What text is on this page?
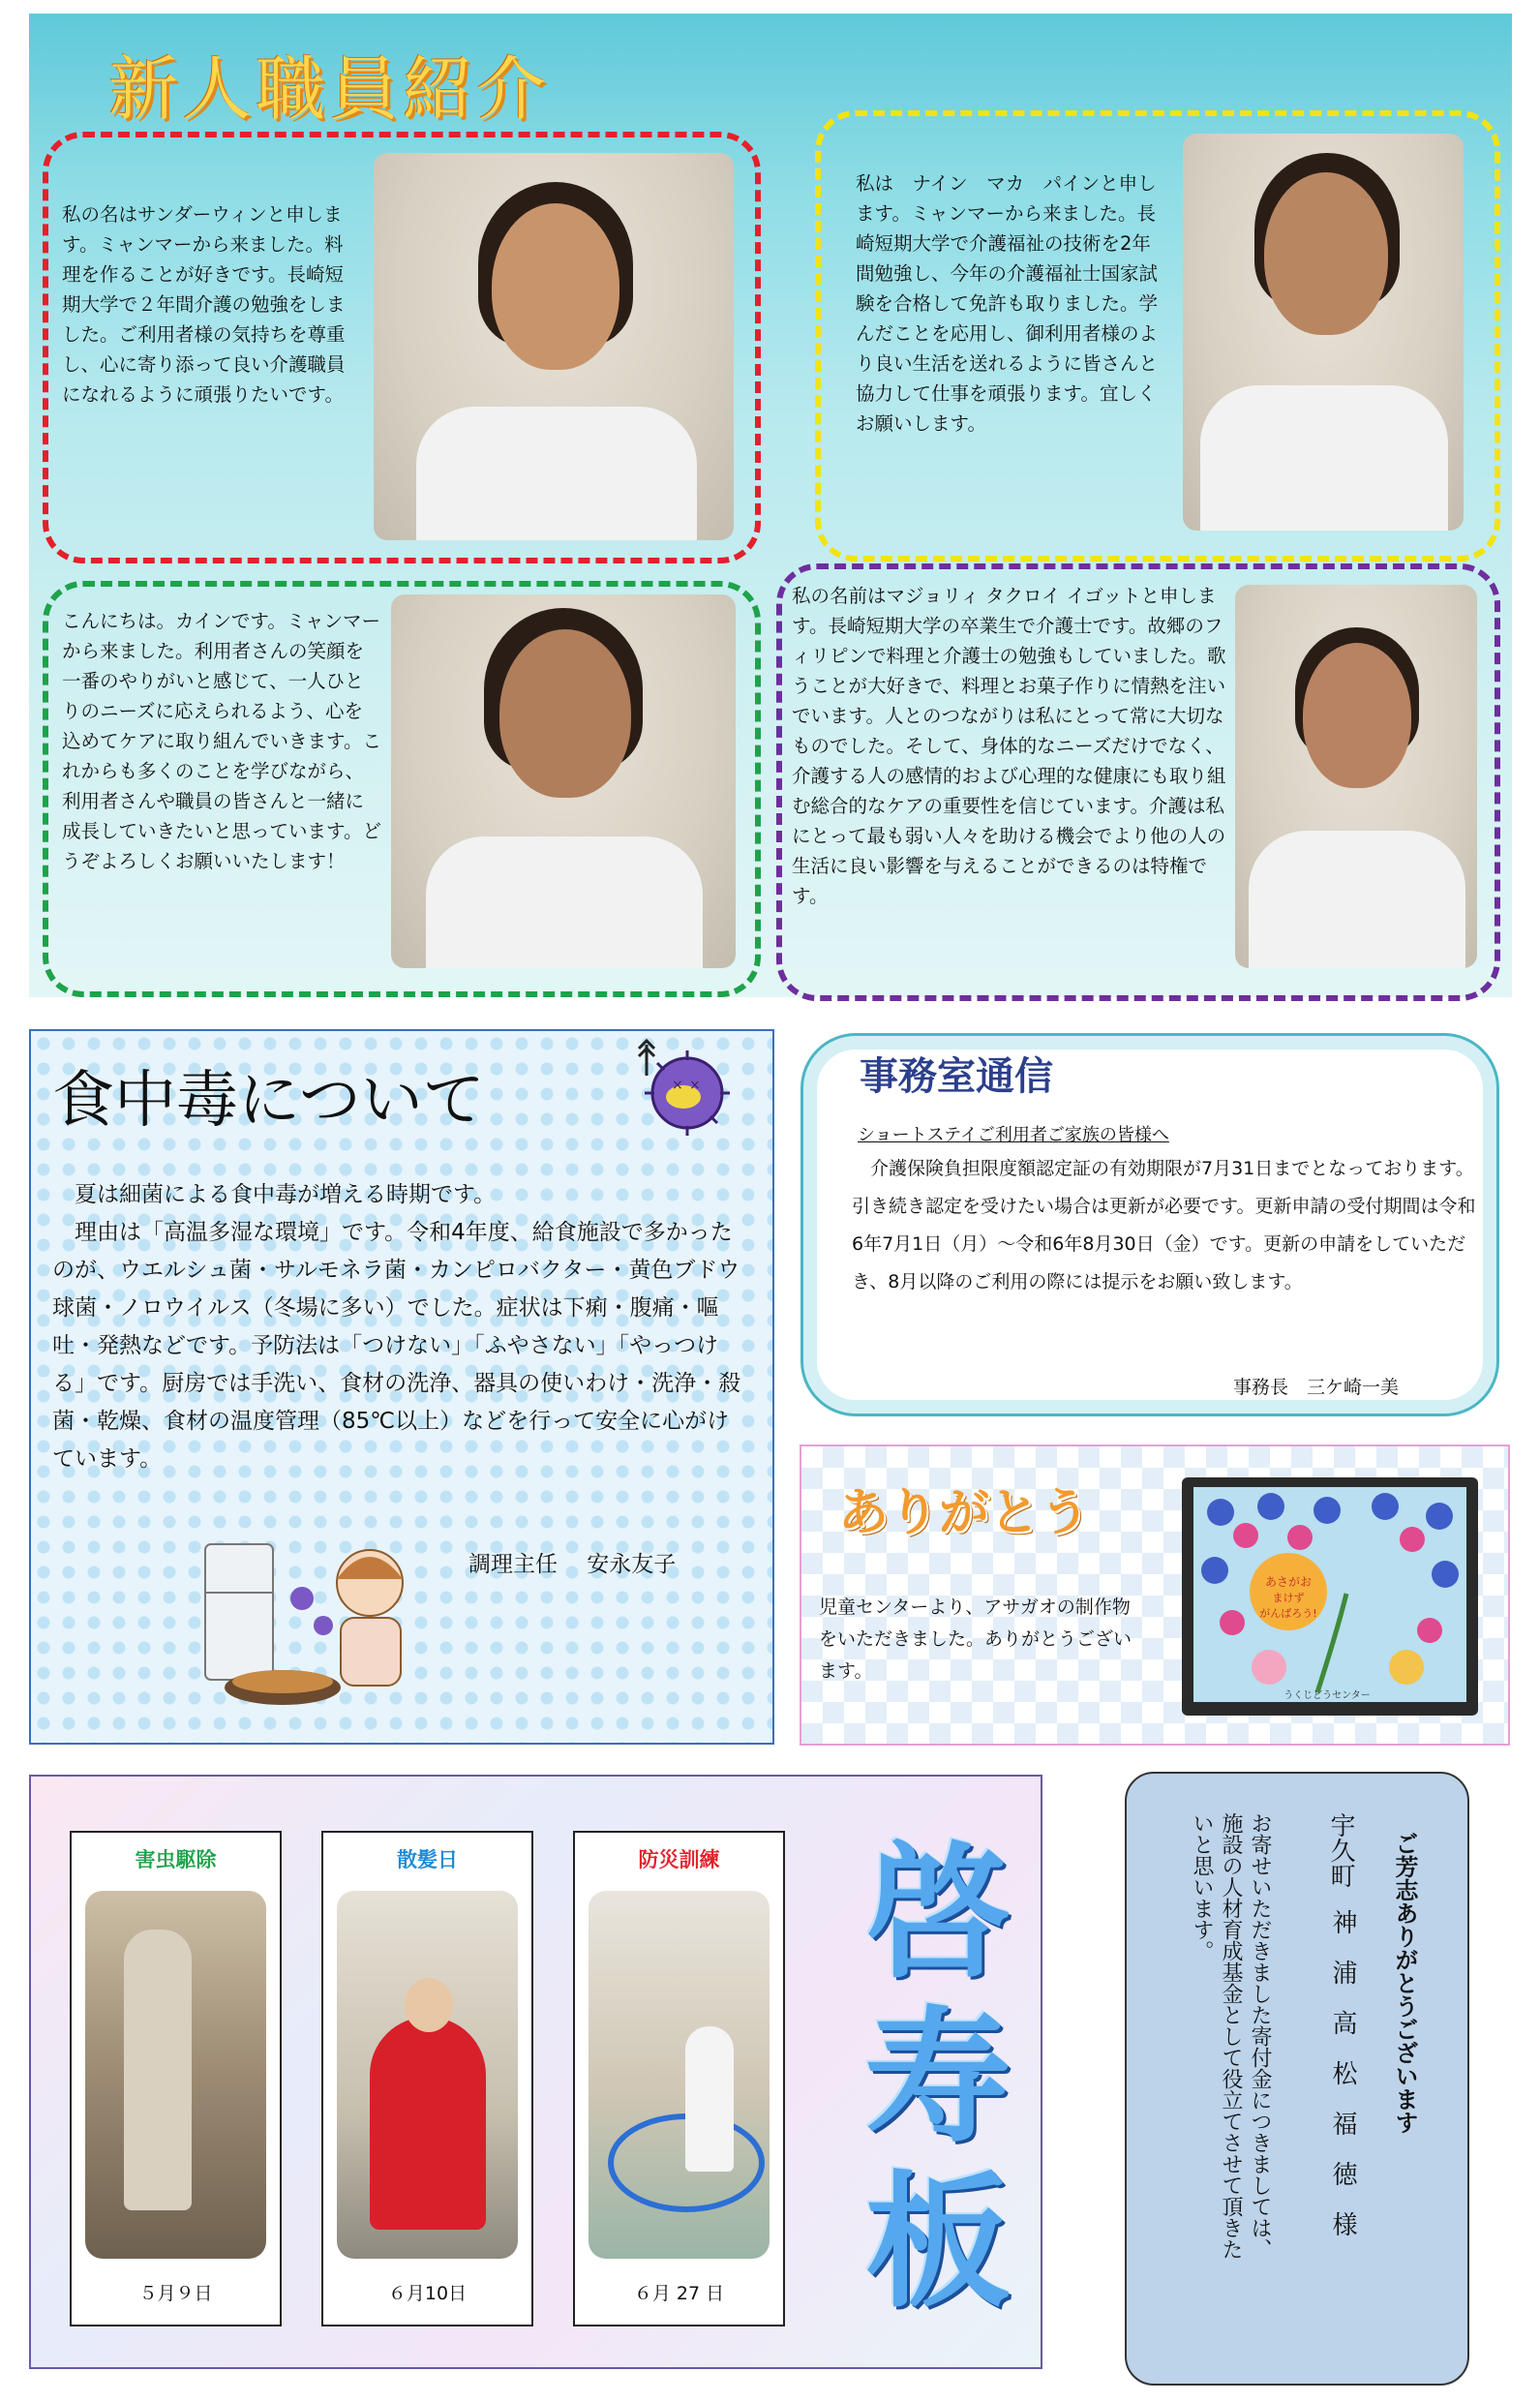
新人職員紹介
私の名はサンダーウィンと申します。ミャンマーから来ました。料理を作ることが好きです。長崎短期大学で２年間介護の勉強をしました。ご利用者様の気持ちを尊重し、心に寄り添って良い介護職員になれるように頑張りたいです。
私は　ナイン　マカ　パインと申します。ミャンマーから来ました。長崎短期大学で介護福祉の技術を2年間勉強し、今年の介護福祉士国家試験を合格して免許も取りました。学んだことを応用し、御利用者様のより良い生活を送れるように皆さんと協力して仕事を頑張ります。宜しくお願いします。
こんにちは。カインです。ミャンマーから来ました。利用者さんの笑顔を一番のやりがいと感じて、一人ひとりのニーズに応えられるよう、心を込めてケアに取り組んでいきます。これからも多くのことを学びながら、利用者さんや職員の皆さんと一緒に成長していきたいと思っています。どうぞよろしくお願いいたします！
私の名前はマジョリィ タクロイ イゴットと申します。長崎短期大学の卒業生で介護士です。故郷のフィリピンで料理と介護士の勉強もしていました。歌うことが大好きで、料理とお菓子作りに情熱を注いでいます。人とのつながりは私にとって常に大切なものでした。そして、身体的なニーズだけでなく、介護する人の感情的および心理的な健康にも取り組む総合的なケアの重要性を信じています。介護は私にとって最も弱い人々を助ける機会でより他の人の生活に良い影響を与えることができるのは特権です。
食中毒について	× ×
　夏は細菌による食中毒が増える時期です。
　理由は「高温多湿な環境」です。令和4年度、給食施設で多かったのが、ウエルシュ菌・サルモネラ菌・カンピロバクター・黄色ブドウ球菌・ノロウイルス（冬場に多い）でした。症状は下痢・腹痛・嘔吐・発熱などです。予防法は「つけない」「ふやさない」「やっつける」です。厨房では手洗い、食材の洗浄、器具の使いわけ・洗浄・殺菌・乾燥、食材の温度管理（85℃以上）などを行って安全に心がけています。
調理主任　 安永友子
事務室通信
ショートステイご利用者ご家族の皆様へ
介護保険負担限度額認定証の有効期限が7月31日までとなっております。引き続き認定を受けたい場合は更新が必要です。更新申請の受付期間は令和6年7月1日（月）～令和6年8月30日（金）です。更新の申請をしていただき、8月以降のご利用の際には提示をお願い致します。
事務長　三ケ崎一美
ありがとう
児童センターより、アサガオの制作物をいただきました。ありがとうございます。
あさがお
まけず
がんばろう!
うくじどうセンター
害虫駆除
５月９日
散髪日
６月10日
防災訓練
６月 27 日
啓寿板
ご芳志ありがとうございます
宇久町
神　浦　高　松　福　徳　様
お寄せいただきました寄付金につきましては、
施設の人材育成基金として役立てさせて頂きた
いと思います。
